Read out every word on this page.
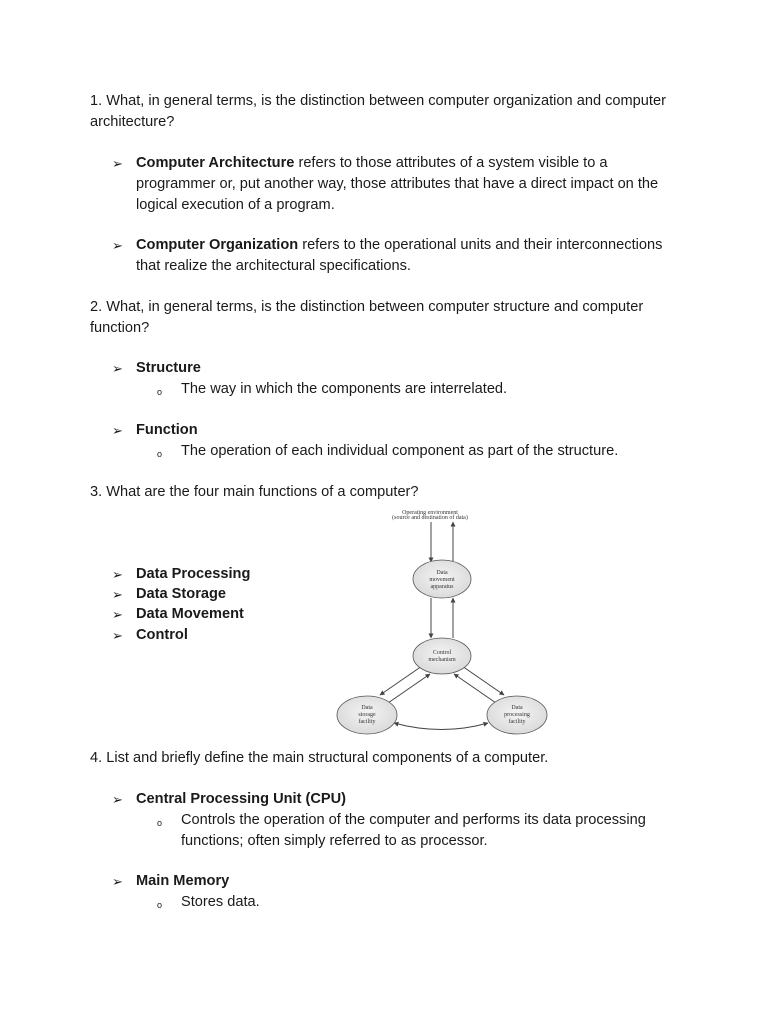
1. What, in general terms, is the distinction between computer organization and computer architecture?

➢ Computer Architecture refers to those attributes of a system visible to a programmer or, put another way, those attributes that have a direct impact on the logical execution of a program.
➢ Computer Organization refers to the operational units and their interconnections that realize the architectural specifications.

2. What, in general terms, is the distinction between computer structure and computer function?

➢ Structure
o The way in which the components are interrelated.
➢ Function
o The operation of each individual component as part of the structure.

3. What are the four main functions of a computer?

➢ Data Processing
➢ Data Storage
➢ Data Movement
➢ Control
Operating environment
(source and destination of data)
Data
movement
apparatus
Control
mechanism
Data
storage
facility
Data
processing
facility

4. List and briefly define the main structural components of a computer.

➢ Central Processing Unit (CPU)
o Controls the operation of the computer and performs its data processing functions; often simply referred to as processor.
➢ Main Memory
o Stores data.
